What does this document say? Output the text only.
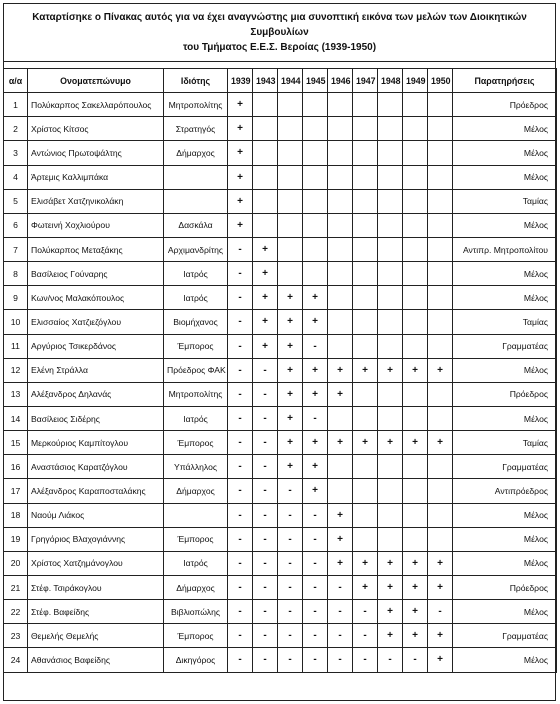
Καταρτίσηκε ο Πίνακας αυτός για να έχει αναγνώστης μια συνοπτική εικόνα των μελών των Διοικητικών Συμβουλίων
του Τμήματος Ε.Ε.Σ. Βεροίας (1939-1950)
α/α	Ονοματεπώνυμο	Ιδιότης	1939	1943	1944	1945	1946	1947	1948	1949	1950	Παρατηρήσεις
1	Πολύκαρπος Σακελλαρόπουλος	Μητροπολίτης	+									Πρόεδρος
2	Χρίστος Κίτσος	Στρατηγός	+									Μέλος
3	Αντώνιος Πρωτοψάλτης	Δήμαρχος	+									Μέλος
4	Άρτεμις Καλλιμπάκα		+									Μέλος
5	Ελισάβετ Χατζηνικολάκη		+									Ταμίας
6	Φωτεινή Χοχλιούρου	Δασκάλα	+									Μέλος
7	Πολύκαρπος Μεταξάκης	Αρχιμανδρίτης	-	+								Αντιπρ. Μητροπολίτου
8	Βασίλειος Γούναρης	Ιατρός	-	+								Μέλος
9	Κων/νος Μαλακόπουλος	Ιατρός	-	+	+	+						Μέλος
10	Ελισσαίος Χατζιεζόγλου	Βιομήχανος	-	+	+	+						Ταμίας
11	Αργύριος Τσικερδάνος	Έμπορος	-	+	+	-						Γραμματέας
12	Ελένη Στράλλα	Πρόεδρος ΦΑΚ	-	-	+	+	+	+	+	+	+	Μέλος
13	Αλέξανδρος Δηλανάς	Μητροπολίτης	-	-	+	+	+					Πρόεδρος
14	Βασίλειος Σιδέρης	Ιατρός	-	-	+	-						Μέλος
15	Μερκούριος Καμπίτογλου	Έμπορος	-	-	+	+	+	+	+	+	+	Ταμίας
16	Αναστάσιος Καρατζόγλου	Υπάλληλος	-	-	+	+						Γραμματέας
17	Αλέξανδρος Καραποσταλάκης	Δήμαρχος	-	-	-	+						Αντιπρόεδρος
18	Ναούμ Λιάκος		-	-	-	-	+					Μέλος
19	Γρηγόριος Βλαχογιάννης	Έμπορος	-	-	-	-	+					Μέλος
20	Χρίστος Χατζημάνογλου	Ιατρός	-	-	-	-	+	+	+	+	+	Μέλος
21	Στέφ. Τσιράκογλου	Δήμαρχος	-	-	-	-	-	+	+	+	+	Πρόεδρος
22	Στέφ. Βαφείδης	Βιβλιοπώλης	-	-	-	-	-	-	+	+	-	Μέλος
23	Θεμελής Θεμελής	Έμπορος	-	-	-	-	-	-	+	+	+	Γραμματέας
24	Αθανάσιος Βαφείδης	Δικηγόρος	-	-	-	-	-	-	-	-	+	Μέλος
